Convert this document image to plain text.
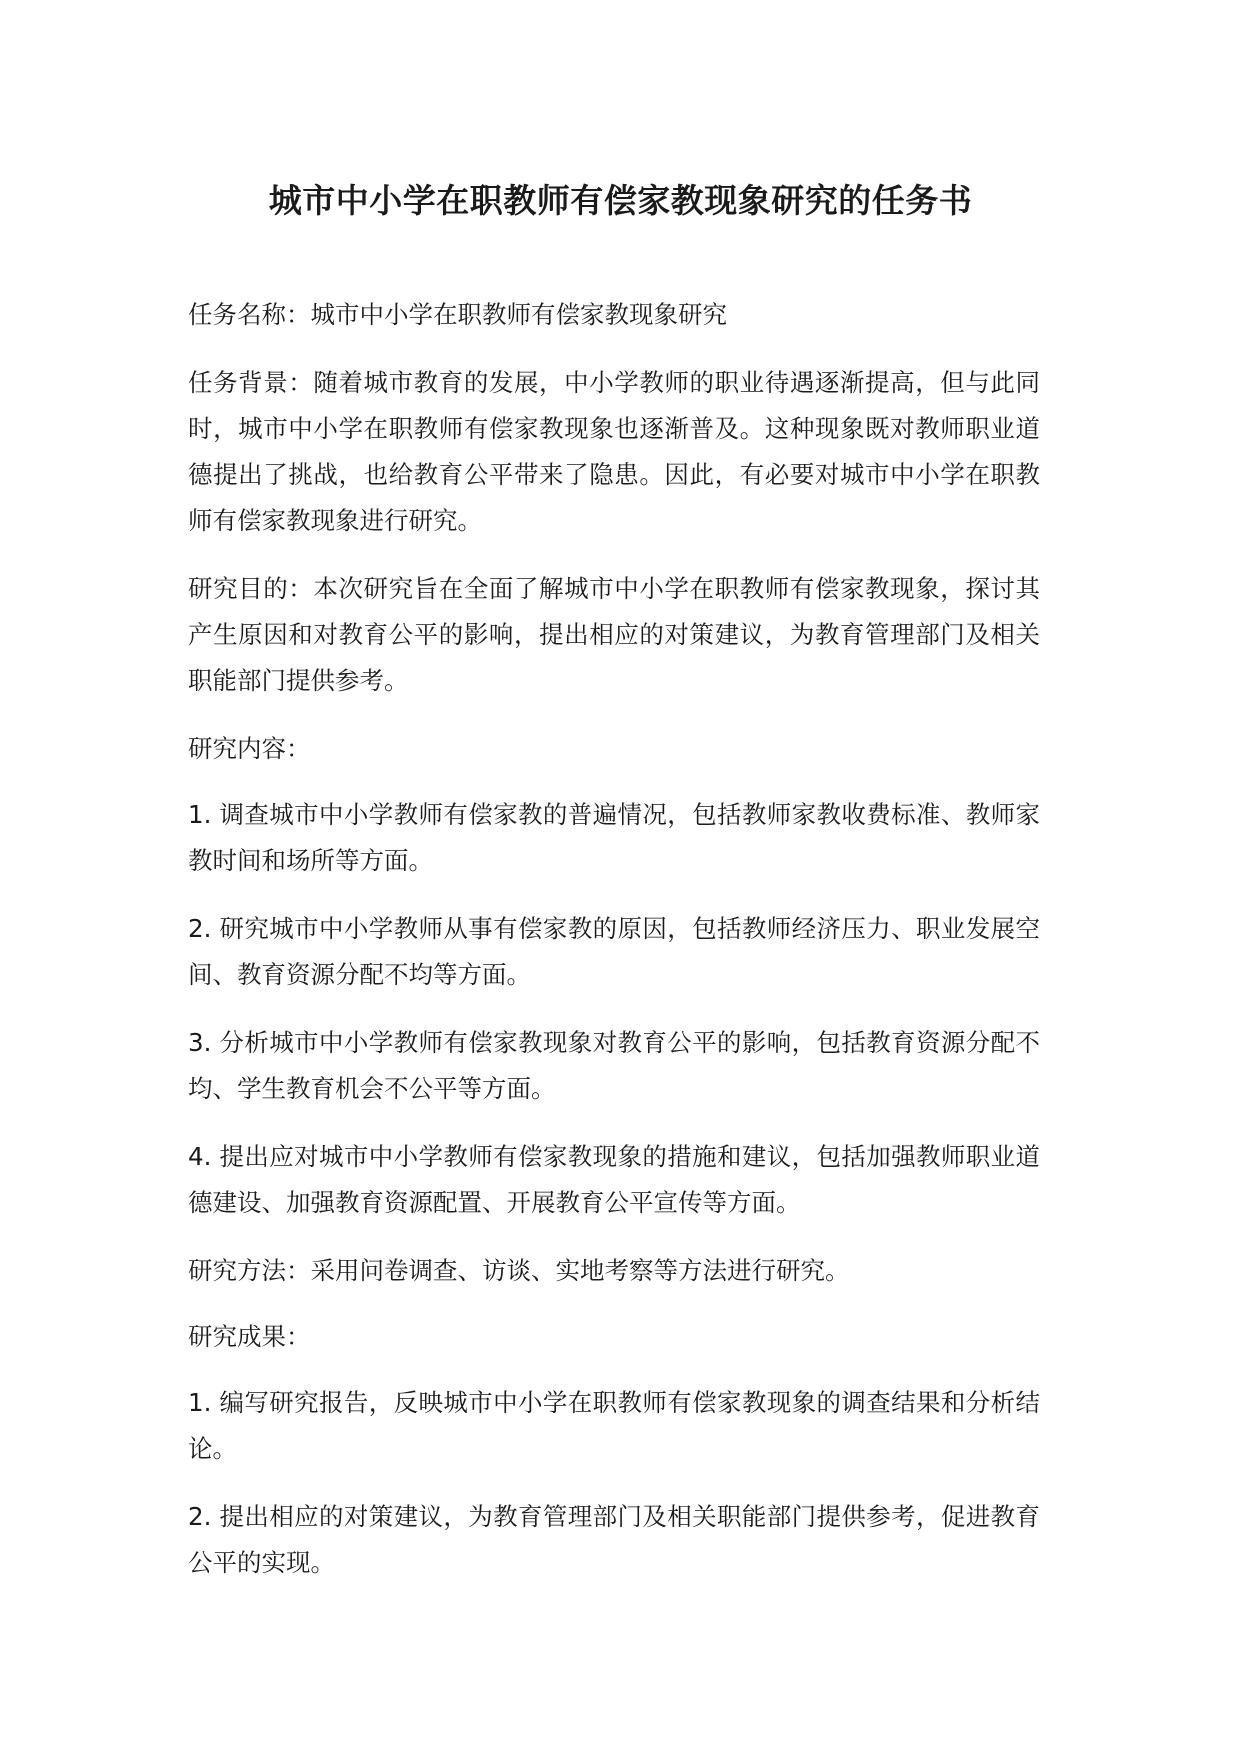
城市中小学在职教师有偿家教现象研究的任务书

任务名称：城市中小学在职教师有偿家教现象研究

任务背景：随着城市教育的发展，中小学教师的职业待遇逐渐提高，但与此同时，城市中小学在职教师有偿家教现象也逐渐普及。这种现象既对教师职业道德提出了挑战，也给教育公平带来了隐患。因此，有必要对城市中小学在职教师有偿家教现象进行研究。

研究目的：本次研究旨在全面了解城市中小学在职教师有偿家教现象，探讨其产生原因和对教育公平的影响，提出相应的对策建议，为教育管理部门及相关职能部门提供参考。

研究内容：

1. 调查城市中小学教师有偿家教的普遍情况，包括教师家教收费标准、教师家教时间和场所等方面。

2. 研究城市中小学教师从事有偿家教的原因，包括教师经济压力、职业发展空间、教育资源分配不均等方面。

3. 分析城市中小学教师有偿家教现象对教育公平的影响，包括教育资源分配不均、学生教育机会不公平等方面。

4. 提出应对城市中小学教师有偿家教现象的措施和建议，包括加强教师职业道德建设、加强教育资源配置、开展教育公平宣传等方面。

研究方法：采用问卷调查、访谈、实地考察等方法进行研究。

研究成果：

1. 编写研究报告，反映城市中小学在职教师有偿家教现象的调查结果和分析结论。

2. 提出相应的对策建议，为教育管理部门及相关职能部门提供参考，促进教育公平的实现。
